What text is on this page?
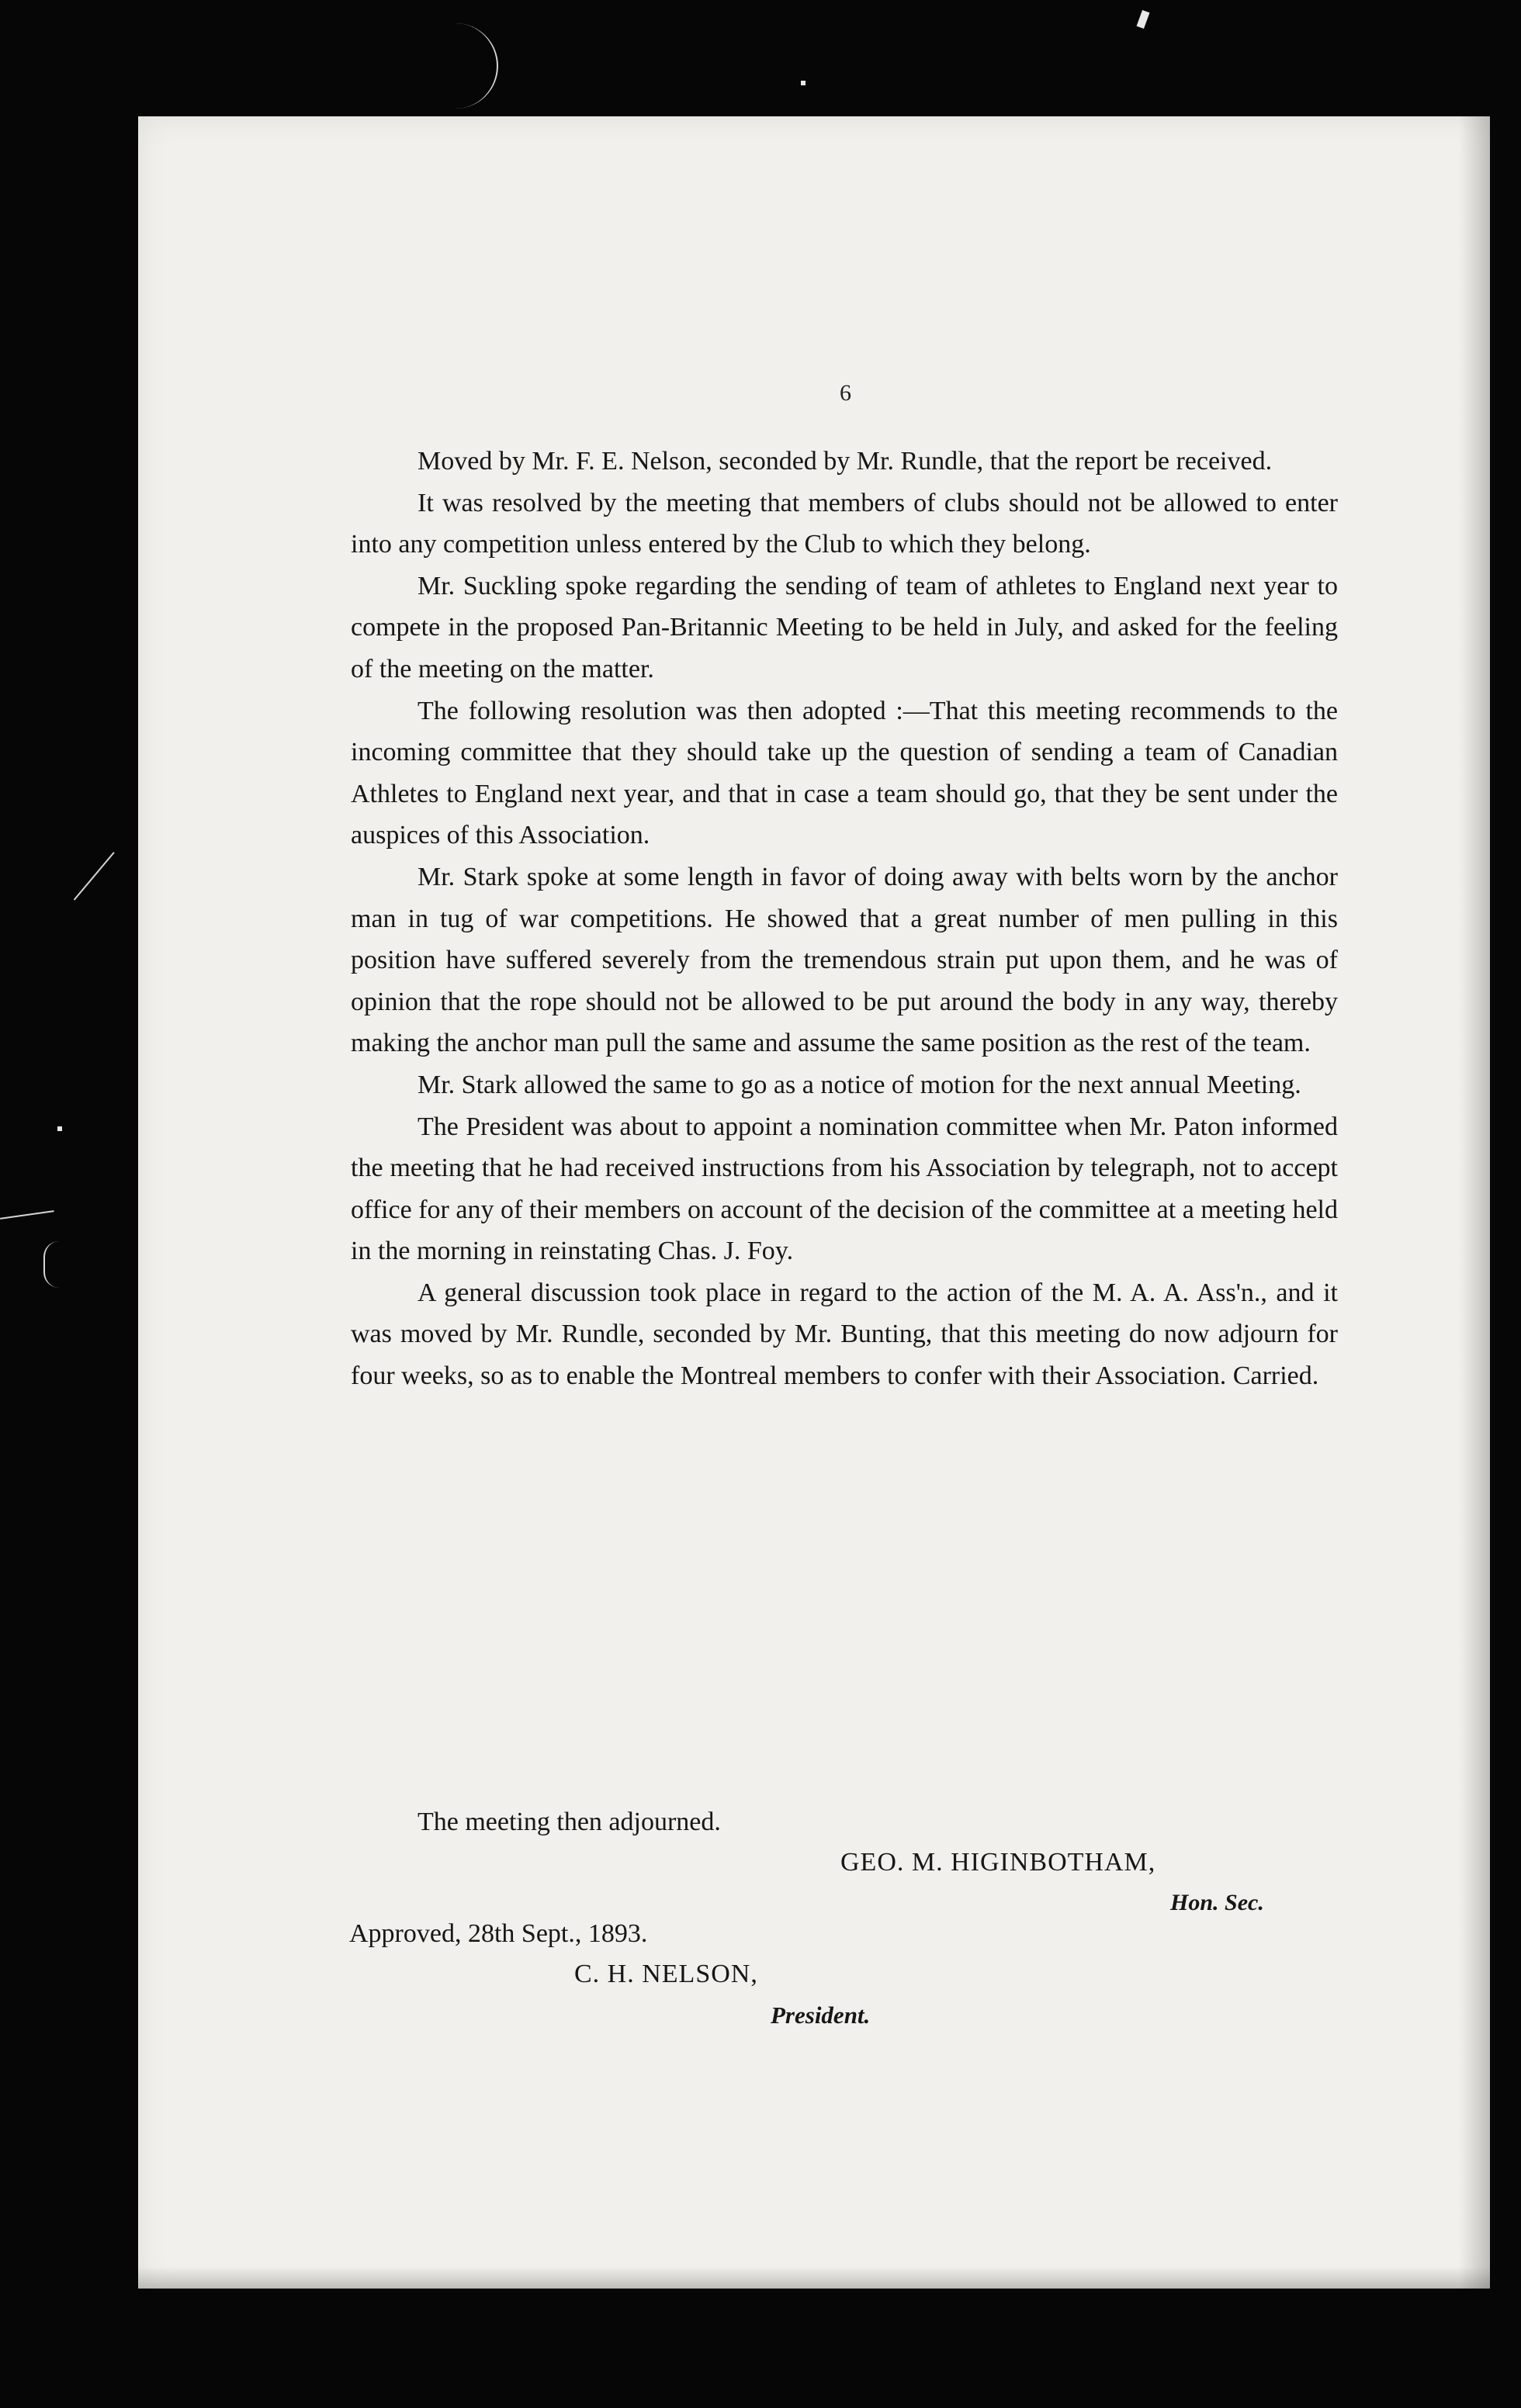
6

Moved by Mr. F. E. Nelson, seconded by Mr. Rundle, that the report be received.

It was resolved by the meeting that members of clubs should not be allowed to enter into any competition unless entered by the Club to which they belong.

Mr. Suckling spoke regarding the sending of team of athletes to England next year to compete in the proposed Pan-Britannic Meeting to be held in July, and asked for the feeling of the meeting on the matter.

The following resolution was then adopted :—That this meeting recommends to the incoming committee that they should take up the question of sending a team of Canadian Athletes to England next year, and that in case a team should go, that they be sent under the auspices of this Association.

Mr. Stark spoke at some length in favor of doing away with belts worn by the anchor man in tug of war competitions. He showed that a great number of men pulling in this position have suffered severely from the tremendous strain put upon them, and he was of opinion that the rope should not be allowed to be put around the body in any way, thereby making the anchor man pull the same and assume the same position as the rest of the team.

Mr. Stark allowed the same to go as a notice of motion for the next annual Meeting.

The President was about to appoint a nomination committee when Mr. Paton informed the meeting that he had received instructions from his Association by telegraph, not to accept office for any of their members on account of the decision of the committee at a meeting held in the morning in reinstating Chas. J. Foy.

A general discussion took place in regard to the action of the M. A. A. Ass'n., and it was moved by Mr. Rundle, seconded by Mr. Bunting, that this meeting do now adjourn for four weeks, so as to enable the Montreal members to confer with their Association. Carried.

The meeting then adjourned.
GEO. M. HIGINBOTHAM,
Hon. Sec.
Approved, 28th Sept., 1893.
C. H. NELSON,
President.
